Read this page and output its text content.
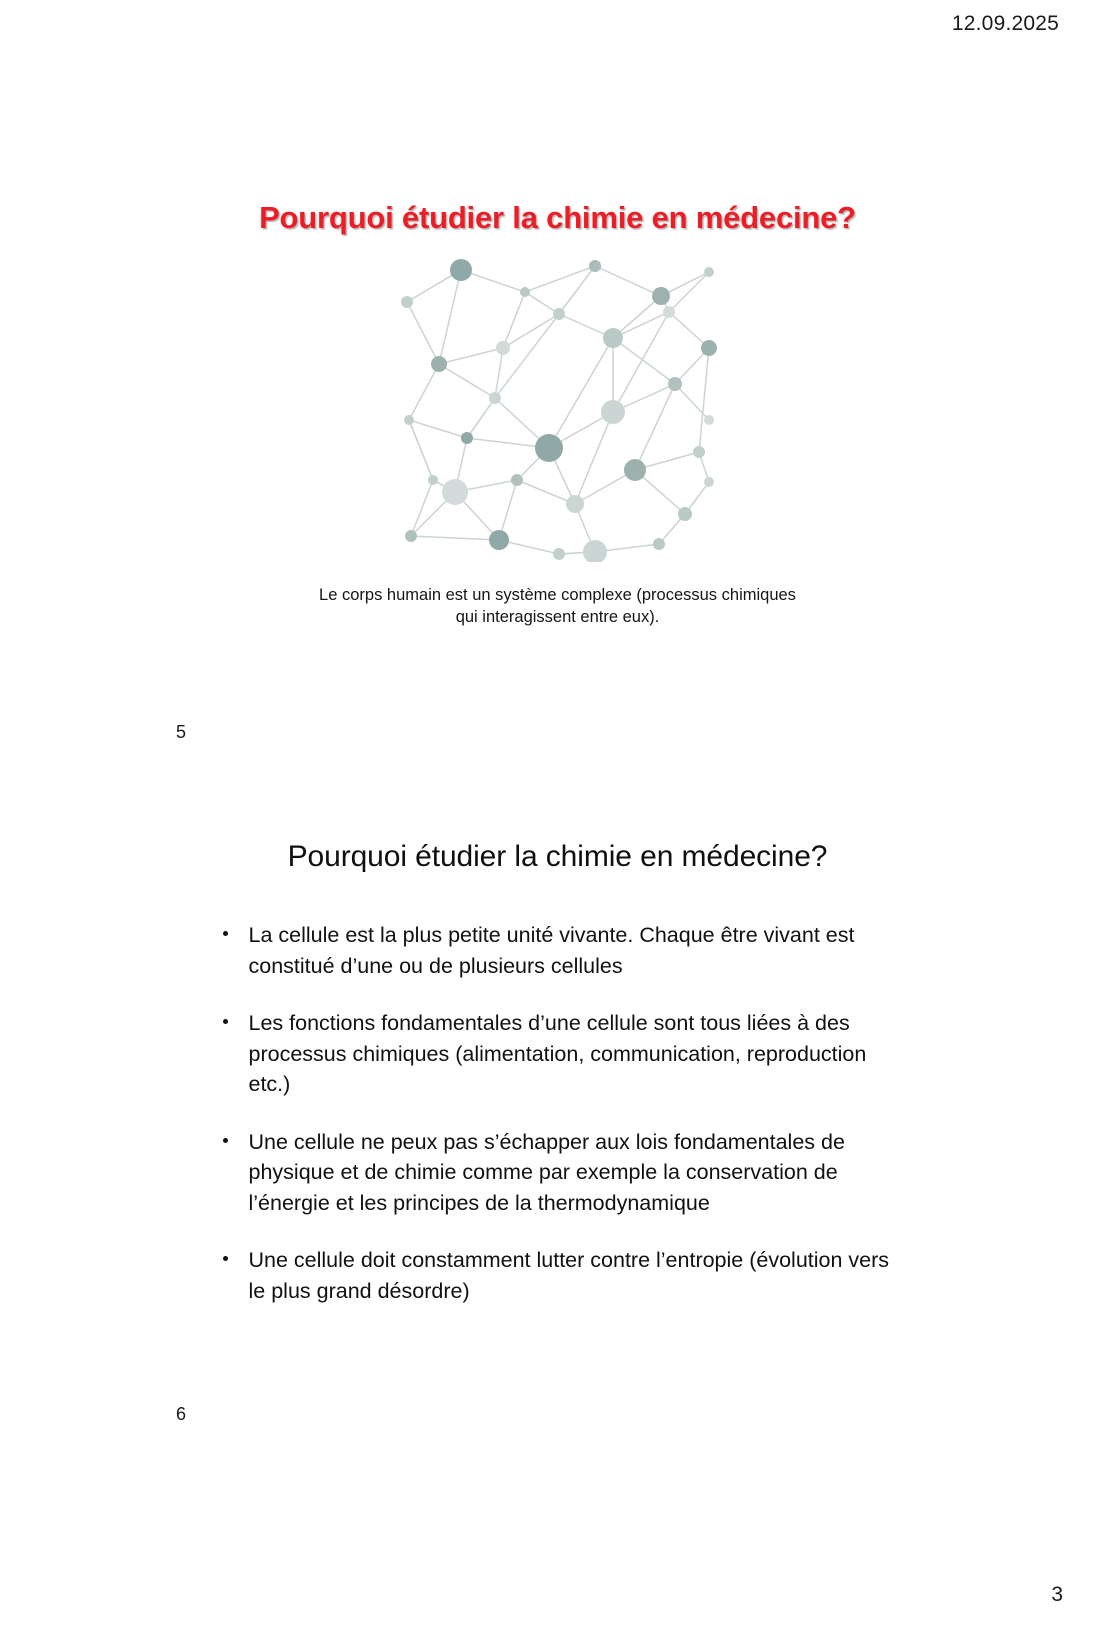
12.09.2025
Pourquoi étudier la chimie en médecine?
Le corps humain est un système complexe (processus chimiques
qui interagissent entre eux).
5
Pourquoi étudier la chimie en médecine?
La cellule est la plus petite unité vivante. Chaque être vivant est constitué d’une ou de plusieurs cellules
Les fonctions fondamentales d’une cellule sont tous liées à des processus chimiques (alimentation, communication, reproduction etc.)
Une cellule ne peux pas s’échapper aux lois fondamentales de physique et de chimie comme par exemple la conservation de l’énergie et les principes de la thermodynamique
Une cellule doit constamment lutter contre l’entropie (évolution vers le plus grand désordre)
6
3
